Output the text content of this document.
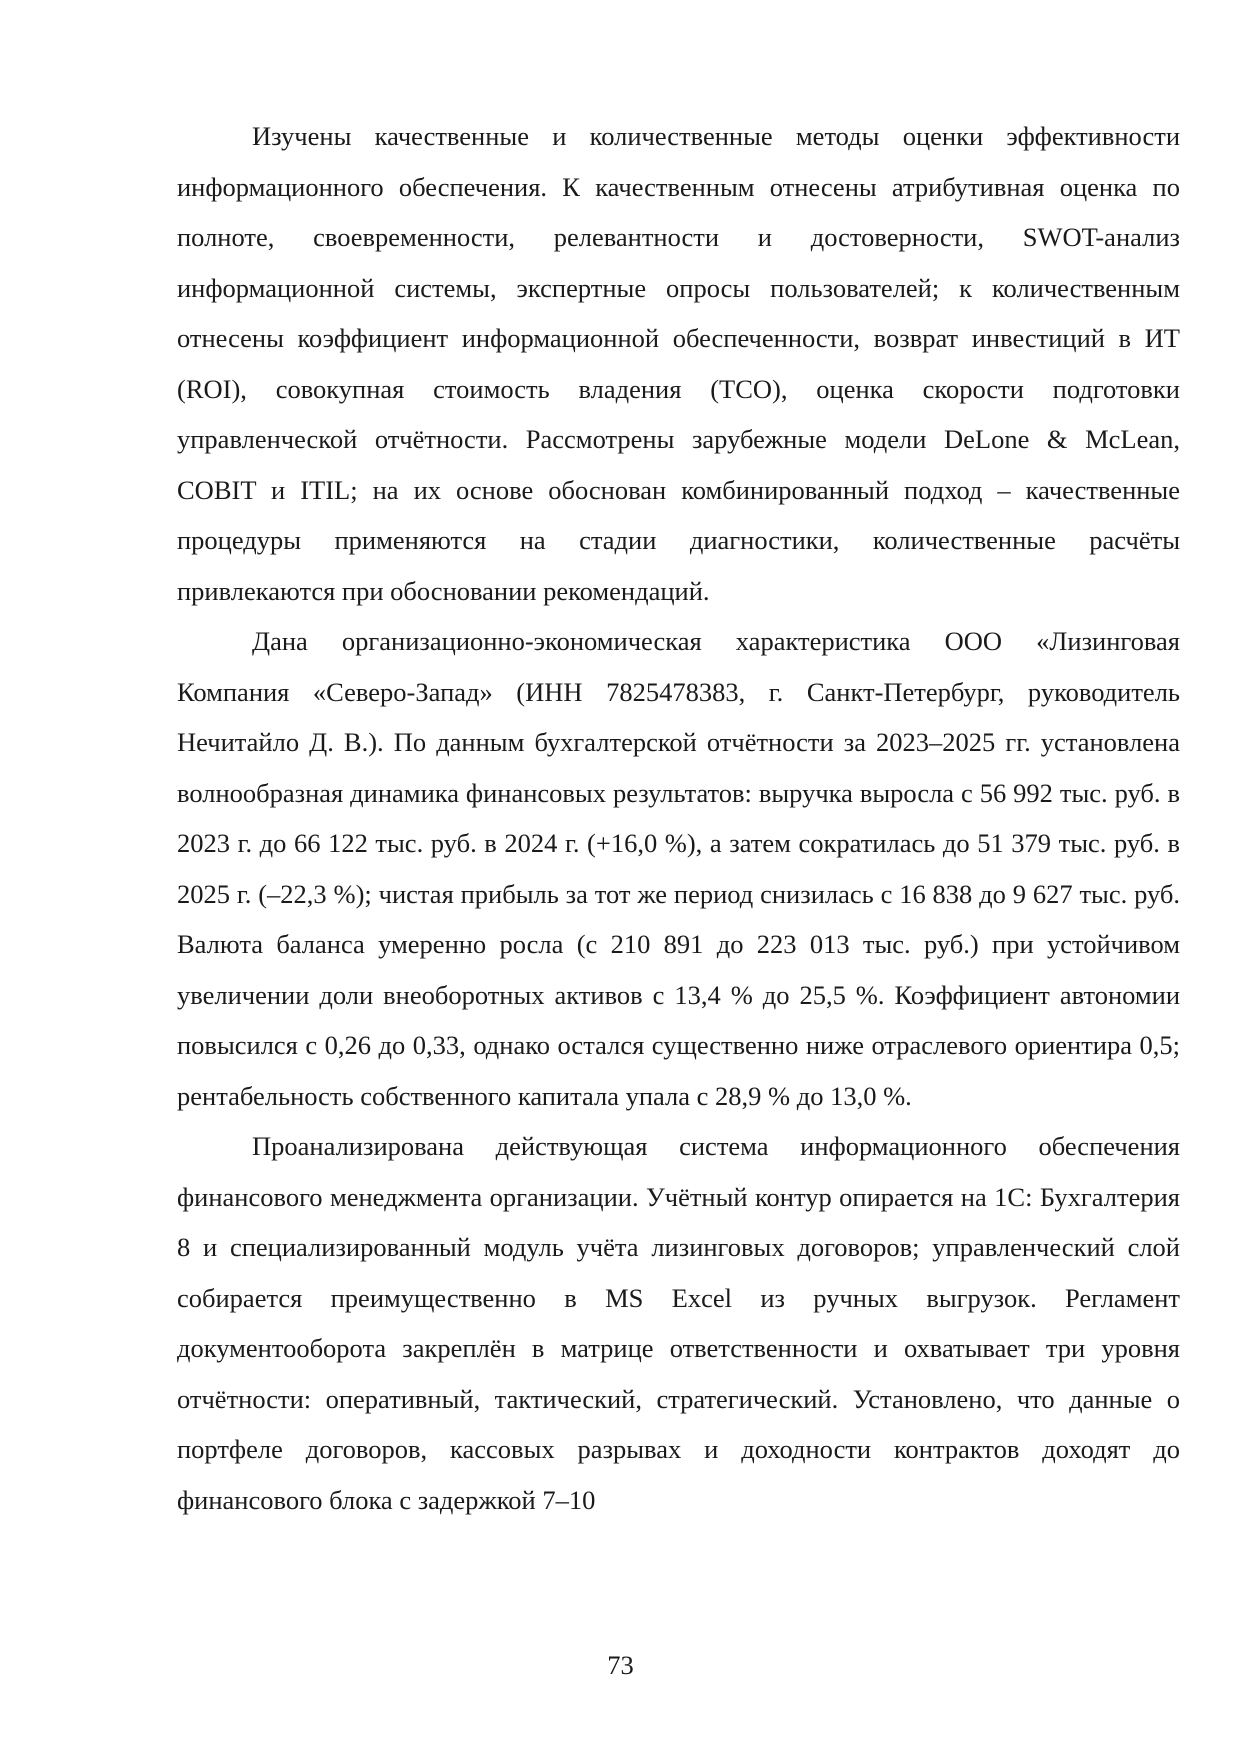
Изучены качественные и количественные методы оценки эффективности информационного обеспечения. К качественным отнесены атрибутивная оценка по полноте, своевременности, релевантности и достоверности, SWOT-анализ информационной системы, экспертные опросы пользователей; к количественным отнесены коэффициент информационной обеспеченности, возврат инвестиций в ИТ (ROI), совокупная стоимость владения (TCO), оценка скорости подготовки управленческой отчётности. Рассмотрены зарубежные модели DeLone & McLean, COBIT и ITIL; на их основе обоснован комбинированный подход – качественные процедуры применяются на стадии диагностики, количественные расчёты привлекаются при обосновании рекомендаций.

Дана организационно-экономическая характеристика ООО «Лизинговая Компания «Северо-Запад» (ИНН 7825478383, г. Санкт-Петербург, руководитель Нечитайло Д. В.). По данным бухгалтерской отчётности за 2023–2025 гг. установлена волнообразная динамика финансовых результатов: выручка выросла с 56 992 тыс. руб. в 2023 г. до 66 122 тыс. руб. в 2024 г. (+16,0 %), а затем сократилась до 51 379 тыс. руб. в 2025 г. (–22,3 %); чистая прибыль за тот же период снизилась с 16 838 до 9 627 тыс. руб. Валюта баланса умеренно росла (с 210 891 до 223 013 тыс. руб.) при устойчивом увеличении доли внеоборотных активов с 13,4 % до 25,5 %. Коэффициент автономии повысился с 0,26 до 0,33, однако остался существенно ниже отраслевого ориентира 0,5; рентабельность собственного капитала упала с 28,9 % до 13,0 %.

Проанализирована действующая система информационного обеспечения финансового менеджмента организации. Учётный контур опирается на 1С: Бухгалтерия 8 и специализированный модуль учёта лизинговых договоров; управленческий слой собирается преимущественно в MS Excel из ручных выгрузок. Регламент документооборота закреплён в матрице ответственности и охватывает три уровня отчётности: оперативный, тактический, стратегический. Установлено, что данные о портфеле договоров, кассовых разрывах и доходности контрактов доходят до финансового блока с задержкой 7–10

73
